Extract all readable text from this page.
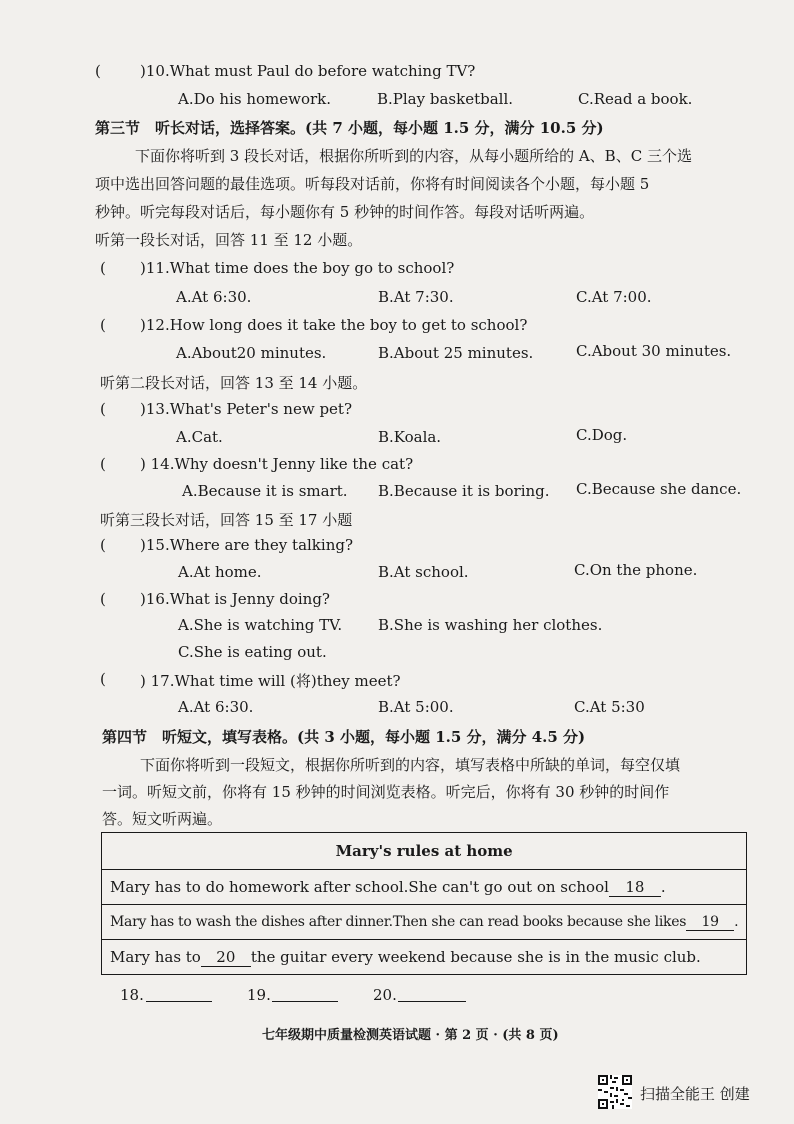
(	)10.What must Paul do before watching TV?
A.Do his homework.	B.Play basketball.	C.Read a book.
第三节　听长对话，选择答案。(共 7 小题，每小题 1.5 分，满分 10.5 分)
下面你将听到 3 段长对话，根据你所听到的内容，从每小题所给的 A、B、C 三个选
项中选出回答问题的最佳选项。听每段对话前，你将有时间阅读各个小题，每小题 5
秒钟。听完每段对话后，每小题你有 5 秒钟的时间作答。每段对话听两遍。
听第一段长对话，回答 11 至 12 小题。
( )11.What time does the boy go to school?
A.At 6:30.	B.At 7:30.	C.At 7:00.
( )12.How long does it take the boy to get to school?
A.About20 minutes.	B.About 25 minutes.	C.About 30 minutes.
听第二段长对话，回答 13 至 14 小题。
( )13.What's Peter's new pet?
A.Cat.	B.Koala.	C.Dog.
( ) 14.Why doesn't Jenny like the cat?
A.Because it is smart. B.Because it is boring. C.Because she dance.
听第三段长对话，回答 15 至 17 小题
( )15.Where are they talking?
A.At home.	B.At school.	C.On the phone.
( )16.What is Jenny doing?
A.She is watching TV. B.She is washing her clothes.
C.She is eating out.
( ) 17.What time will (将)they meet?
A.At 6:30.	B.At 5:00.	C.At 5:30
第四节　听短文，填写表格。(共 3 小题，每小题 1.5 分，满分 4.5 分)
下面你将听到一段短文，根据你所听到的内容，填写表格中所缺的单词，每空仅填
一词。听短文前，你将有 15 秒钟的时间浏览表格。听完后，你将有 30 秒钟的时间作
答。短文听两遍。
Mary's rules at home
Mary has to do homework after school.She can't go out on school 18 .
Mary has to wash the dishes after dinner.Then she can read books because she likes 19 .
Mary has to 20 the guitar every weekend because she is in the music club.
18.	19.	20.
七年级期中质量检测英语试题 · 第 2 页 · (共 8 页)
扫描全能王 创建
